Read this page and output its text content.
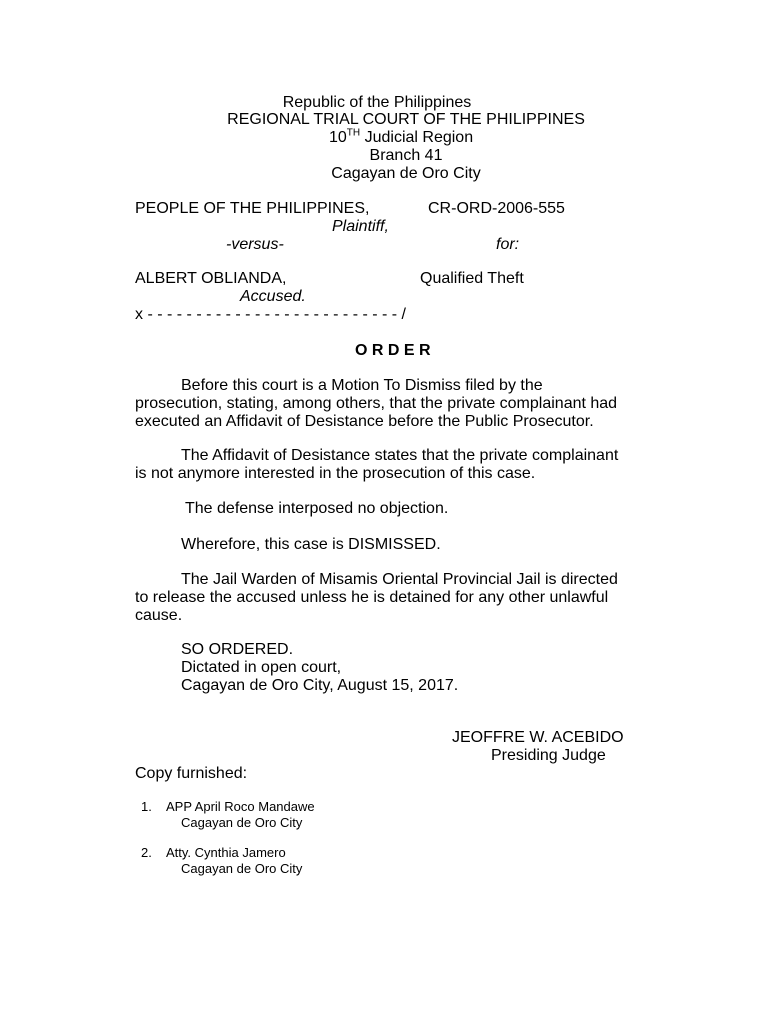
Republic of the Philippines
REGIONAL TRIAL COURT OF THE PHILIPPINES
10TH Judicial Region
Branch 41
Cagayan de Oro City
PEOPLE OF THE PHILIPPINES,
Plaintiff,
-versus-
CR-ORD-2006-555
for:
ALBERT OBLIANDA,	Qualified Theft
Accused.
x - - - - - - - - - - - - - - - - - - - - - - - - - - /
O R D E R
Before this court is a Motion To Dismiss filed by the
prosecution, stating, among others, that the private complainant had
executed an Affidavit of Desistance before the Public Prosecutor.
The Affidavit of Desistance states that the private complainant
is not anymore interested in the prosecution of this case.
The defense interposed no objection.
Wherefore, this case is DISMISSED.
The Jail Warden of Misamis Oriental Provincial Jail is directed
to release the accused unless he is detained for any other unlawful
cause.
SO ORDERED.
Dictated in open court,
Cagayan de Oro City, August 15, 2017.
JEOFFRE W. ACEBIDO
Presiding Judge
Copy furnished:
1. APP April Roco Mandawe
Cagayan de Oro City
2. Atty. Cynthia Jamero
Cagayan de Oro City
